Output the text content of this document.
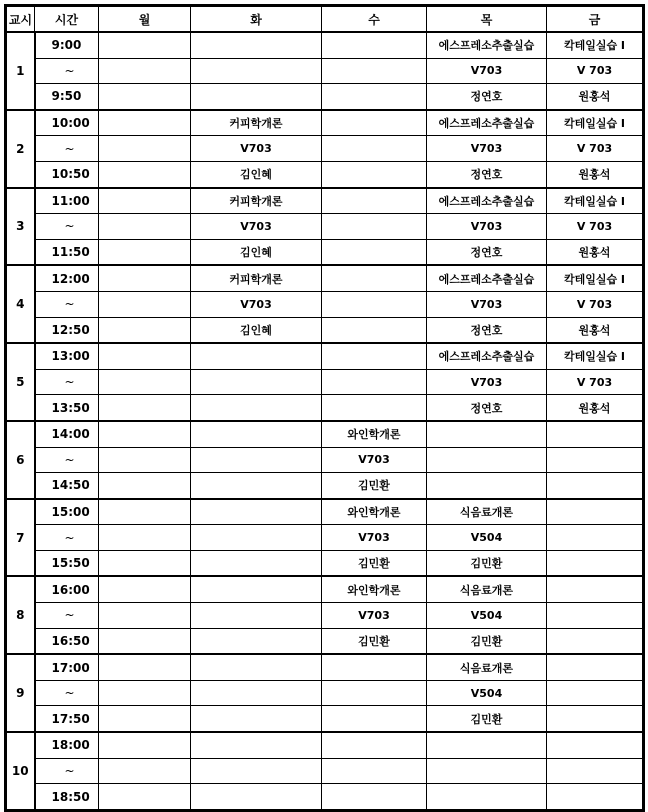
교시	시간	월	화	수	목	금
1	9:00				에스프레소추출실습	칵테일실습 I
	~				V703	V 703
	9:50				정연호	원홍석
2	10:00		커피학개론		에스프레소추출실습	칵테일실습 I
	~		V703		V703	V 703
	10:50		김인혜		정연호	원홍석
3	11:00		커피학개론		에스프레소추출실습	칵테일실습 I
	~		V703		V703	V 703
	11:50		김인혜		정연호	원홍석
4	12:00		커피학개론		에스프레소추출실습	칵테일실습 I
	~		V703		V703	V 703
	12:50		김인혜		정연호	원홍석
5	13:00				에스프레소추출실습	칵테일실습 I
	~				V703	V 703
	13:50				정연호	원홍석
6	14:00			와인학개론		
	~			V703		
	14:50			김민환		
7	15:00			와인학개론	식음료개론	
	~			V703	V504	
	15:50			김민환	김민환	
8	16:00			와인학개론	식음료개론	
	~			V703	V504	
	16:50			김민환	김민환	
9	17:00				식음료개론	
	~				V504	
	17:50				김민환	
10	18:00					
	~					
	18:50					
